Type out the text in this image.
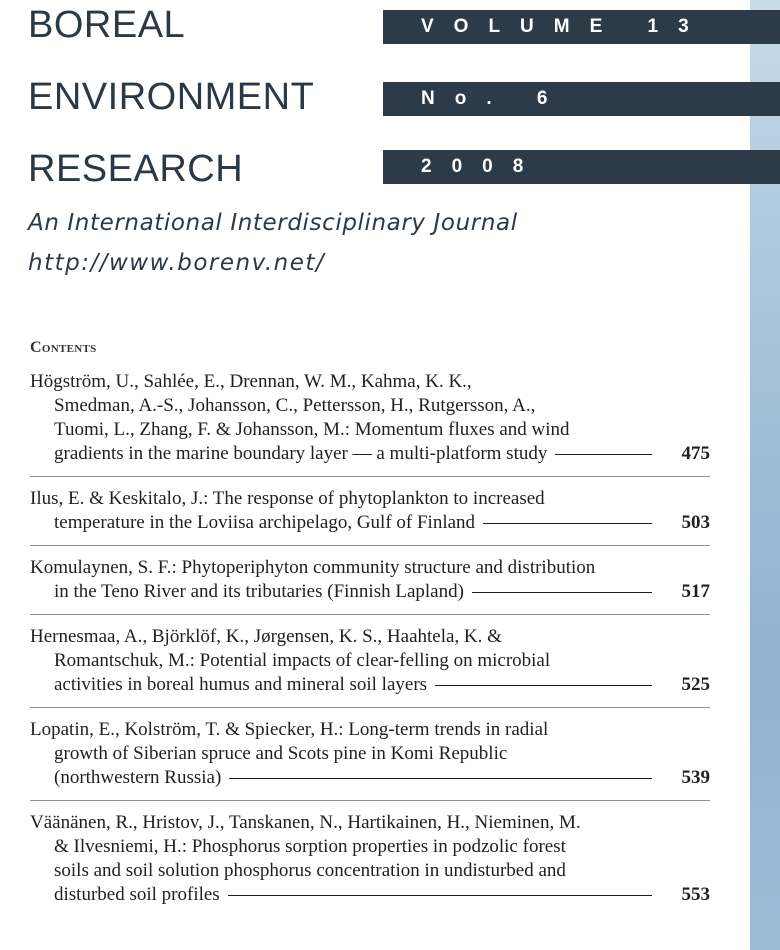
BOREAL
ENVIRONMENT
RESEARCH
VOLUME 13
No. 6
2008

An International Interdisciplinary Journal

http://www.borenv.net/

Contents
Högström, U., Sahlée, E., Drennan, W. M., Kahma, K. K.,
Smedman, A.-S., Johansson, C., Pettersson, H., Rutgersson, A.,
Tuomi, L., Zhang, F. & Johansson, M.: Momentum fluxes and wind
gradients in the marine boundary layer — a multi-platform study	475
Ilus, E. & Keskitalo, J.: The response of phytoplankton to increased
temperature in the Loviisa archipelago, Gulf of Finland	503
Komulaynen, S. F.: Phytoperiphyton community structure and distribution
in the Teno River and its tributaries (Finnish Lapland)	517
Hernesmaa, A., Björklöf, K., Jørgensen, K. S., Haahtela, K. &
Romantschuk, M.: Potential impacts of clear-felling on microbial
activities in boreal humus and mineral soil layers	525
Lopatin, E., Kolström, T. & Spiecker, H.: Long-term trends in radial
growth of Siberian spruce and Scots pine in Komi Republic
(northwestern Russia)	539
Väänänen, R., Hristov, J., Tanskanen, N., Hartikainen, H., Nieminen, M.
& Ilvesniemi, H.: Phosphorus sorption properties in podzolic forest
soils and soil solution phosphorus concentration in undisturbed and
disturbed soil profiles	553
